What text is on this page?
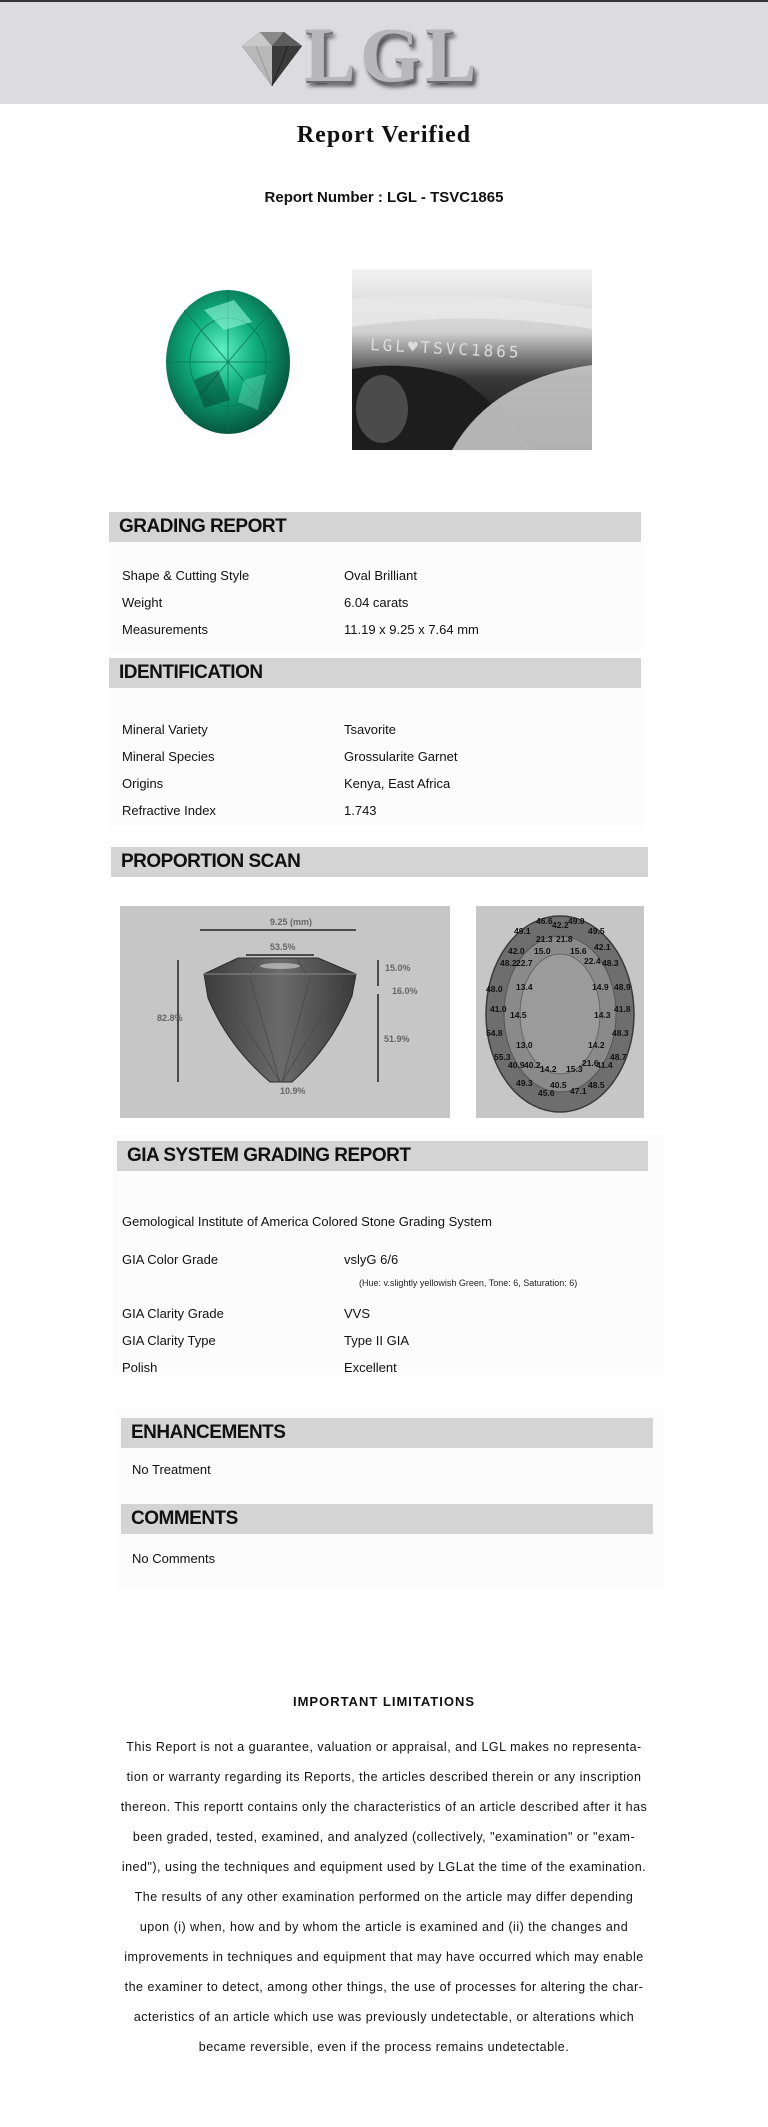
LGL
Report Verified
Report Number : LGL - TSVC1865
LGL♥TSVC1865
GRADING REPORT
Shape & Cutting Style	Oval Brilliant
Weight	6.04 carats
Measurements	11.19 x 9.25 x 7.64 mm
IDENTIFICATION
Mineral Variety	Tsavorite
Mineral Species	Grossularite Garnet
Origins	Kenya, East Africa
Refractive Index	1.743
PROPORTION SCAN
9.25 (mm)
53.5%
82.8%
15.0%
16.0%
51.9%
10.9%
46.6 49.0
49.1
42.2
49.5
21.3 21.8
42.0 15.0 15.6 42.1
48.2 22.7	22.4 48.3
48.9
48.0 13.4	14.9
41.0	41.8
14.5	14.3
54.8	48.3
13.0	14.2
55.3	48.7
40.9 40.2 14.2 15.3
21.6
41.4
49.3 40.5
45.6 47.1
48.5
GIA SYSTEM GRADING REPORT
Gemological Institute of America Colored Stone Grading System
GIA Color Grade	vslyG 6/6
(Hue: v.slightly yellowish Green, Tone: 6, Saturation: 6)
GIA Clarity Grade	VVS
GIA Clarity Type	Type II GIA
Polish	Excellent
ENHANCEMENTS
No Treatment
COMMENTS
No Comments
IMPORTANT LIMITATIONS
This Report is not a guarantee, valuation or appraisal, and LGL makes no representa-
tion or warranty regarding its Reports, the articles described therein or any inscription
thereon. This reportt contains only the characteristics of an article described after it has
been graded, tested, examined, and analyzed (collectively, "examination" or "exam-
ined"), using the techniques and equipment used by LGLat the time of the examination.
The results of any other examination performed on the article may differ depending
upon (i) when, how and by whom the article is examined and (ii) the changes and
improvements in techniques and equipment that may have occurred which may enable
the examiner to detect, among other things, the use of processes for altering the char-
acteristics of an article which use was previously undetectable, or alterations which
became reversible, even if the process remains undetectable.
